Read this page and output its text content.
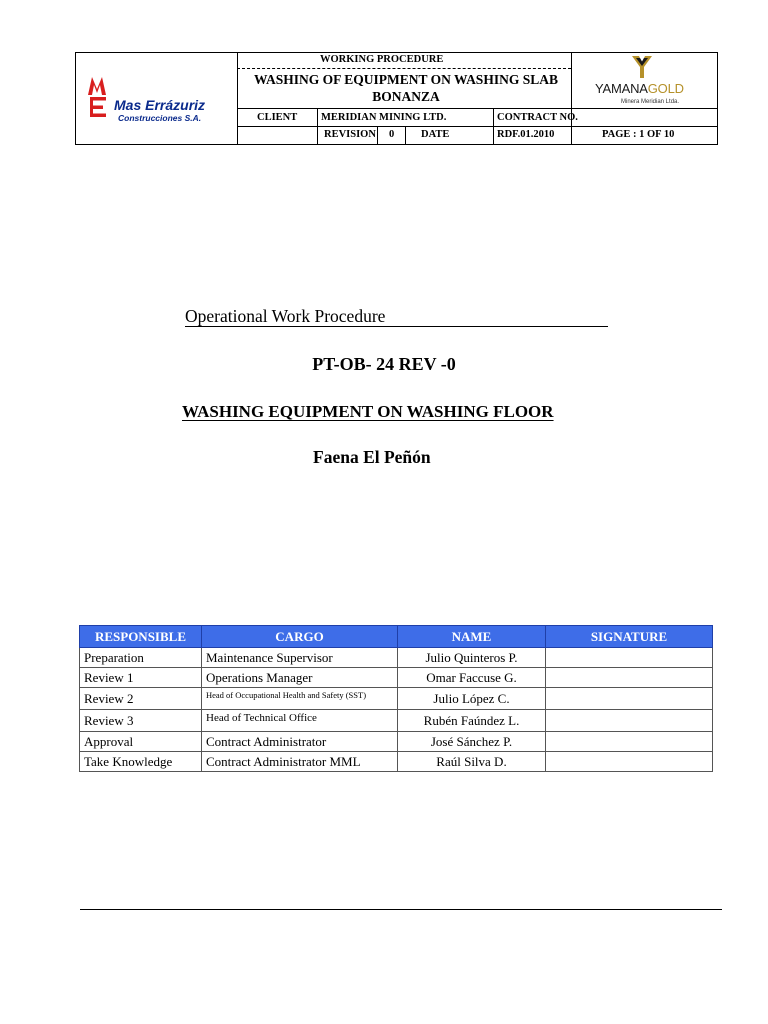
Mas Errázuriz
Construcciones S.A.
WORKING PROCEDURE
WASHING OF EQUIPMENT ON WASHING SLAB
BONANZA
CLIENT MERIDIAN MINING LTD.	CONTRACT NO.
REVISION 0	DATE	RDF.01.2010	PAGE : 1 OF 10
YAMANAGOLD
Minera Meridian Ltda.
Operational Work Procedure
PT-OB- 24 REV -0
WASHING EQUIPMENT ON WASHING FLOOR
Faena El Peñón
RESPONSIBLE	CARGO	NAME	SIGNATURE
Preparation	Maintenance Supervisor	Julio Quinteros P.	
Review 1	Operations Manager	Omar Faccuse G.	
Review 2	Head of Occupational Health and Safety (SST)	Julio López C.	
Review 3	Head of Technical Office	Rubén Faúndez L.	
Approval	Contract Administrator	José Sánchez P.	
Take Knowledge	Contract Administrator MML	Raúl Silva D.	
